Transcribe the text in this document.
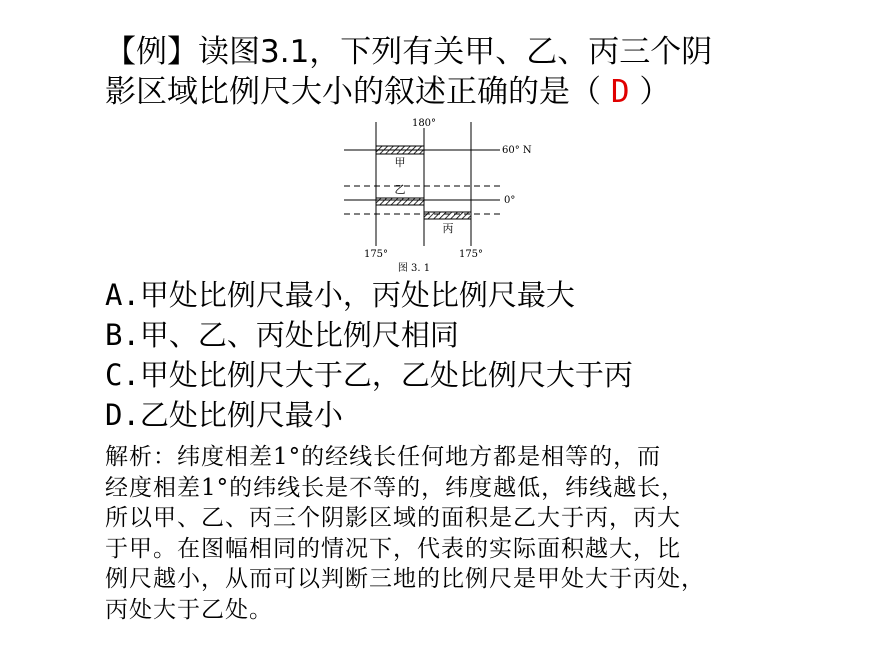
【例】读图3.1，下列有关甲、乙、丙三个阴
影区域比例尺大小的叙述正确的是（ D ）
180°
60° N
0°
甲
乙
丙
175°	175°
图 3. 1
A.甲处比例尺最小，丙处比例尺最大
B.甲、乙、丙处比例尺相同
C.甲处比例尺大于乙，乙处比例尺大于丙
D.乙处比例尺最小
解析：纬度相差1°的经线长任何地方都是相等的，而
经度相差1°的纬线长是不等的，纬度越低，纬线越长，
所以甲、乙、丙三个阴影区域的面积是乙大于丙，丙大
于甲。在图幅相同的情况下，代表的实际面积越大，比
例尺越小，从而可以判断三地的比例尺是甲处大于丙处，
丙处大于乙处。
